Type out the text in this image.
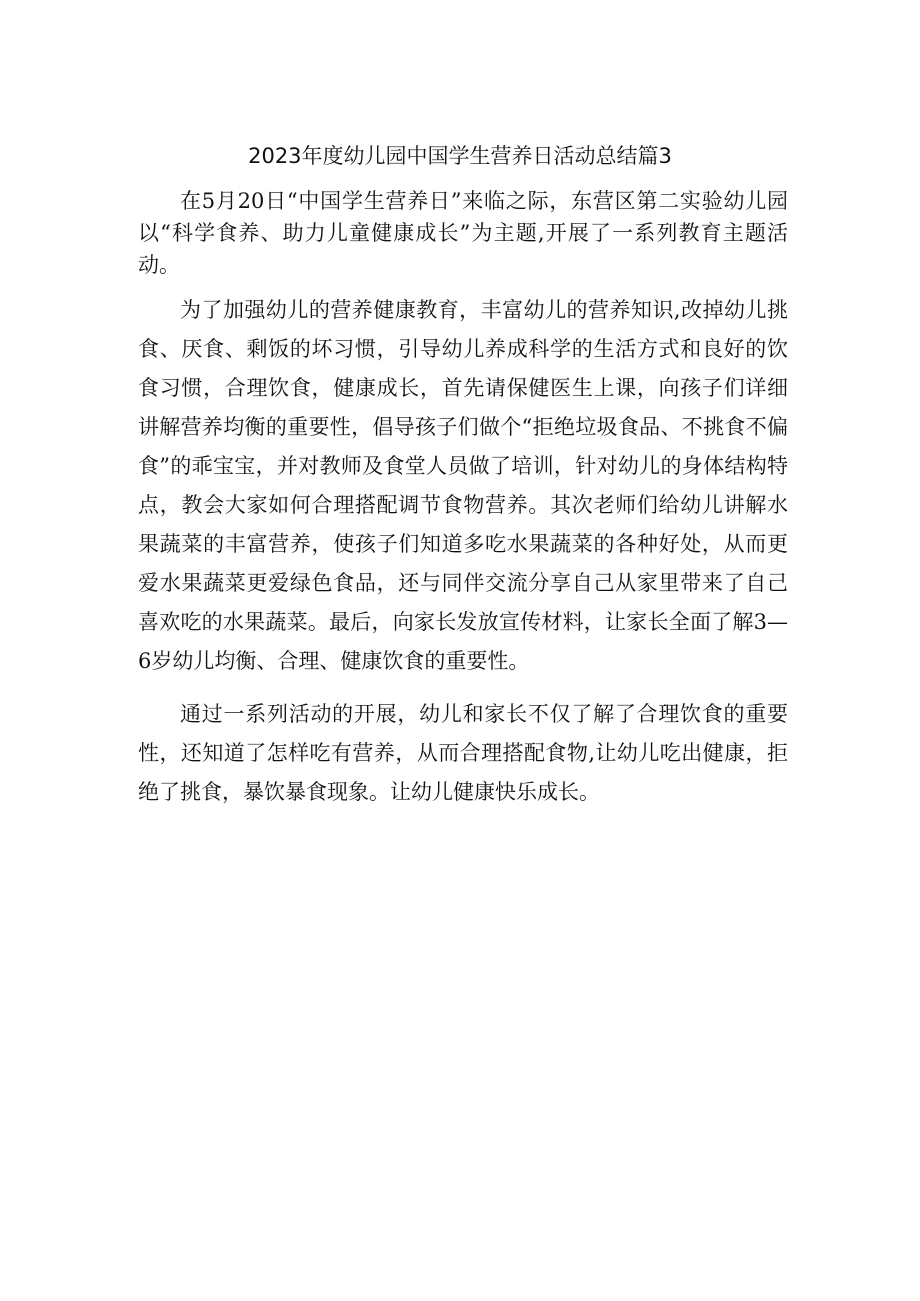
2023年度幼儿园中国学生营养日活动总结篇3

在5月20日“中国学生营养日”来临之际，东营区第二实验幼儿园以“科学食养、助力儿童健康成长”为主题,开展了一系列教育主题活动。

为了加强幼儿的营养健康教育，丰富幼儿的营养知识,改掉幼儿挑食、厌食、剩饭的坏习惯，引导幼儿养成科学的生活方式和良好的饮食习惯，合理饮食，健康成长，首先请保健医生上课，向孩子们详细讲解营养均衡的重要性，倡导孩子们做个“拒绝垃圾食品、不挑食不偏食”的乖宝宝，并对教师及食堂人员做了培训，针对幼儿的身体结构特点，教会大家如何合理搭配调节食物营养。其次老师们给幼儿讲解水果蔬菜的丰富营养，使孩子们知道多吃水果蔬菜的各种好处，从而更爱水果蔬菜更爱绿色食品，还与同伴交流分享自己从家里带来了自己喜欢吃的水果蔬菜。最后，向家长发放宣传材料，让家长全面了解3—6岁幼儿均衡、合理、健康饮食的重要性。

通过一系列活动的开展，幼儿和家长不仅了解了合理饮食的重要性，还知道了怎样吃有营养，从而合理搭配食物,让幼儿吃出健康，拒绝了挑食，暴饮暴食现象。让幼儿健康快乐成长。
